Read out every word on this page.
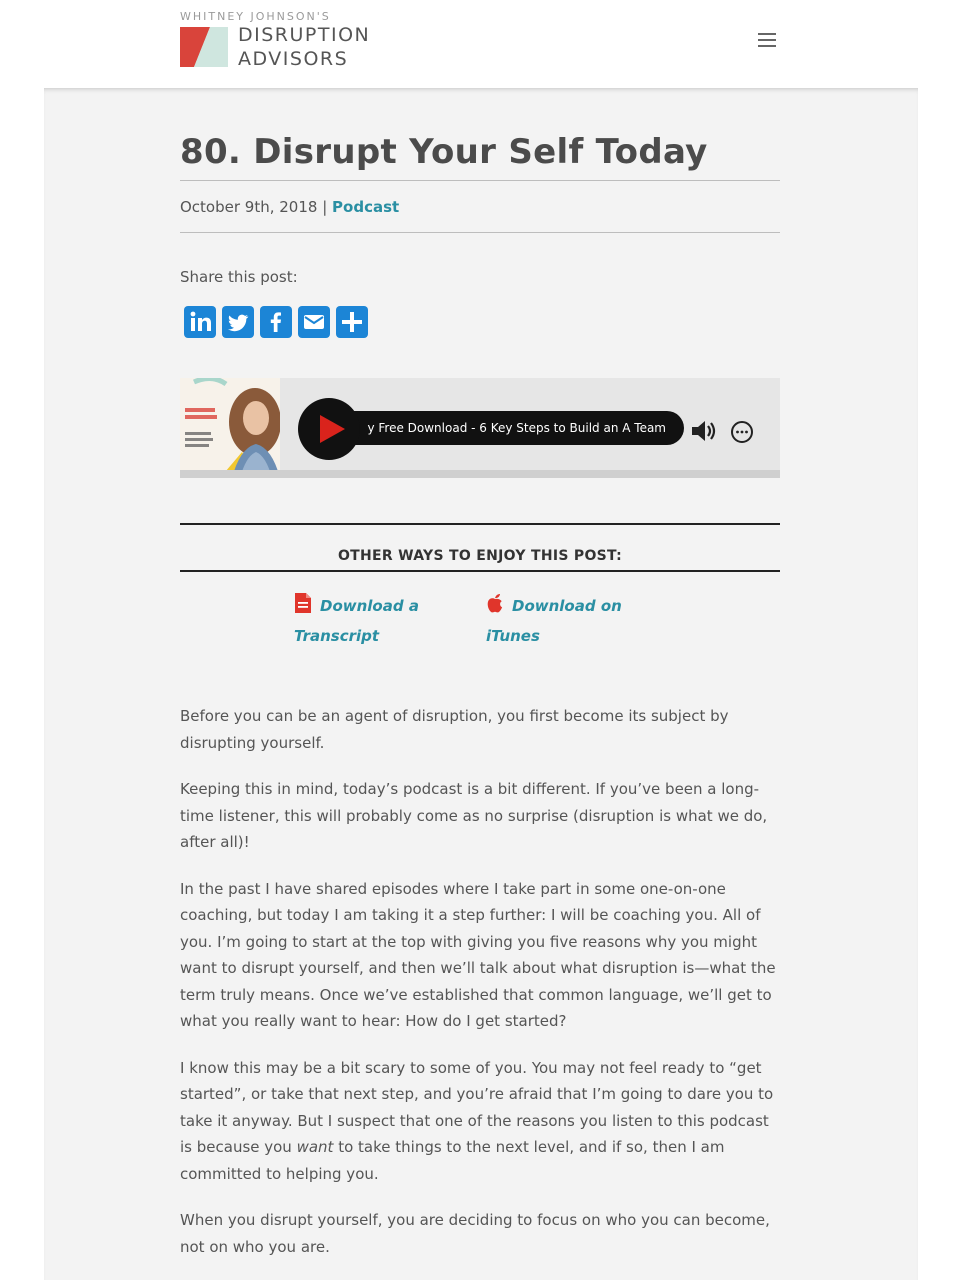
WHITNEY JOHNSON'S
DISRUPTION
ADVISORS
80. Disrupt Your Self Today
October 9th, 2018 | Podcast
Share this post:
y Free Download - 6 Key Steps to Build an A Team
OTHER WAYS TO ENJOY THIS POST:
Download a
Transcript
Download on
iTunes

Before you can be an agent of disruption, you first become its subject by disrupting yourself.

Keeping this in mind, today’s podcast is a bit different. If you’ve been a long-time listener, this will probably come as no surprise (disruption is what we do, after all)!

In the past I have shared episodes where I take part in some one-on-one coaching, but today I am taking it a step further: I will be coaching you. All of you. I’m going to start at the top with giving you five reasons why you might want to disrupt yourself, and then we’ll talk about what disruption is—what the term truly means. Once we’ve established that common language, we’ll get to what you really want to hear: How do I get started?

I know this may be a bit scary to some of you. You may not feel ready to “get started”, or take that next step, and you’re afraid that I’m going to dare you to take it anyway. But I suspect that one of the reasons you listen to this podcast is because you want to take things to the next level, and if so, then I am committed to helping you.

When you disrupt yourself, you are deciding to focus on who you can become, not on who you are.
